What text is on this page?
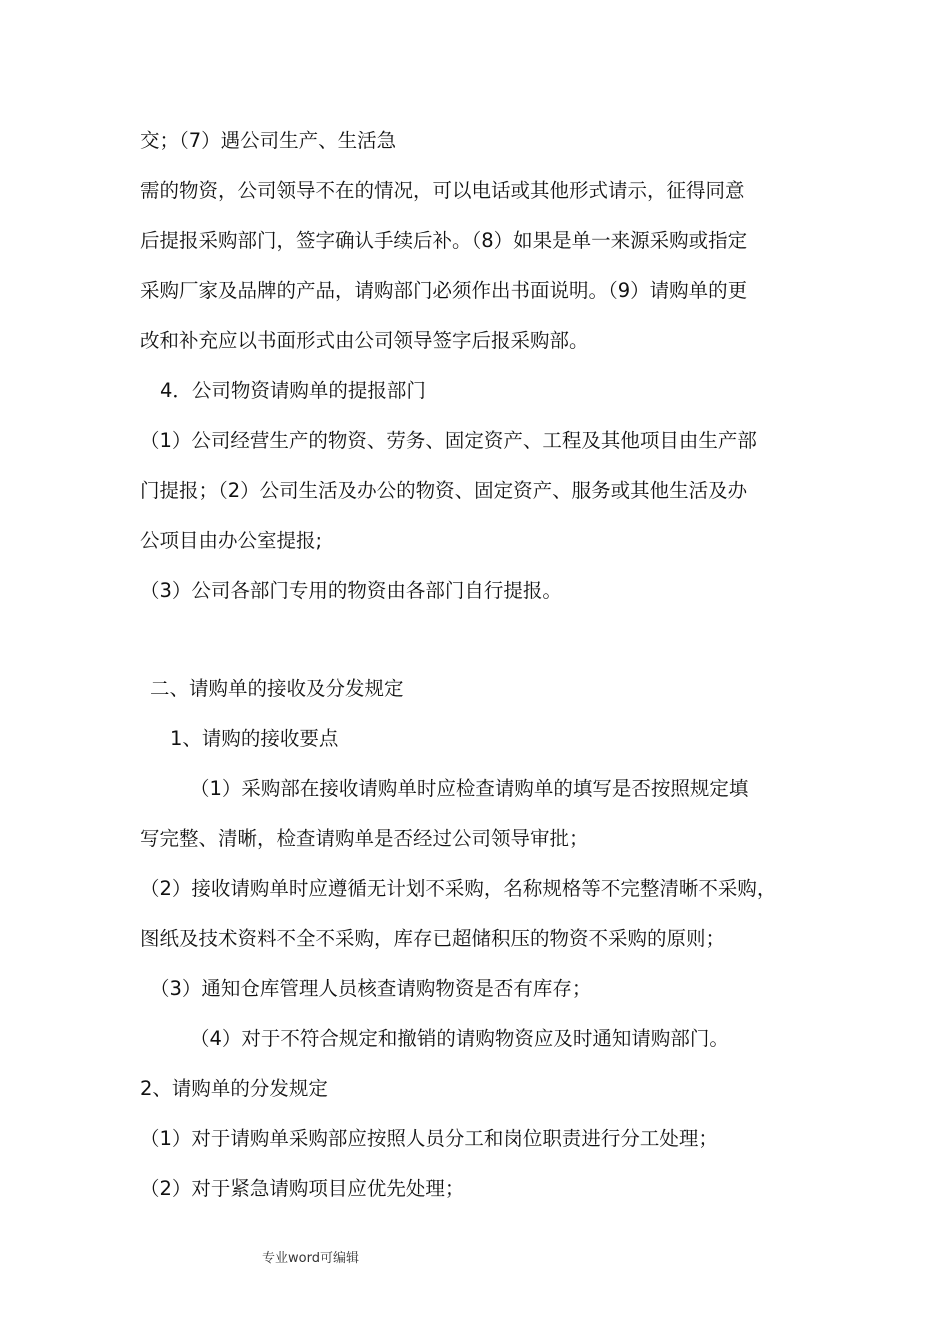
交；（7）遇公司生产、生活急
需的物资，公司领导不在的情况，可以电话或其他形式请示，征得同意
后提报采购部门，签字确认手续后补。（8）如果是单一来源采购或指定
采购厂家及品牌的产品，请购部门必须作出书面说明。（9）请购单的更
改和补充应以书面形式由公司领导签字后报采购部。
4．公司物资请购单的提报部门
（1）公司经营生产的物资、劳务、固定资产、工程及其他项目由生产部
门提报；（2）公司生活及办公的物资、固定资产、服务或其他生活及办
公项目由办公室提报;
（3）公司各部门专用的物资由各部门自行提报。
二、请购单的接收及分发规定
1、请购的接收要点
（1）采购部在接收请购单时应检查请购单的填写是否按照规定填
写完整、清晰，检查请购单是否经过公司领导审批；
（2）接收请购单时应遵循无计划不采购，名称规格等不完整清晰不采购，
图纸及技术资料不全不采购，库存已超储积压的物资不采购的原则；
（3）通知仓库管理人员核查请购物资是否有库存；
（4）对于不符合规定和撤销的请购物资应及时通知请购部门。
2、请购单的分发规定
（1）对于请购单采购部应按照人员分工和岗位职责进行分工处理；
（2）对于紧急请购项目应优先处理；
专业word可编辑
